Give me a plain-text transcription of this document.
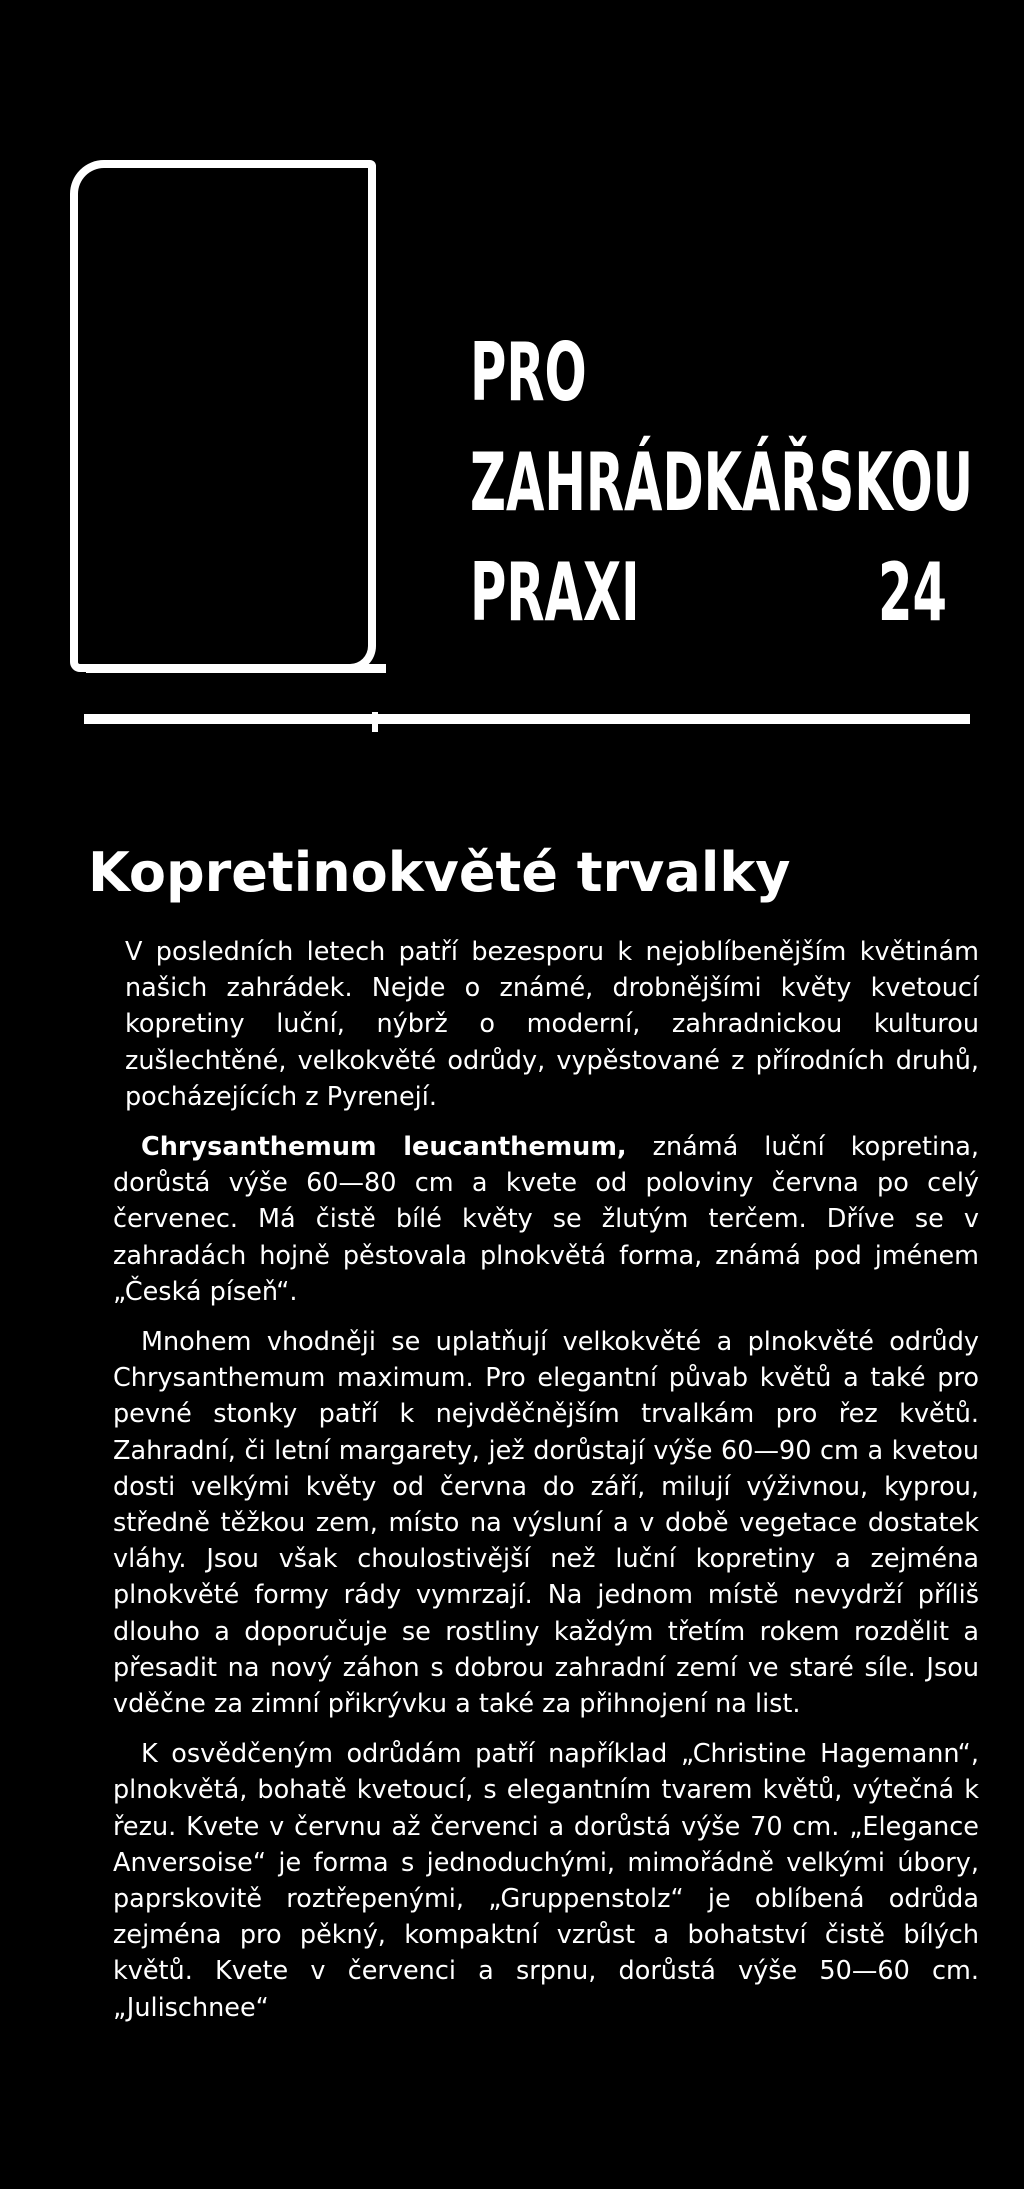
PRO
ZAHRÁDKÁŘSKOU
PRAXI	24
Kopretinokvěté trvalky

V posledních letech patří bezesporu k nejoblíbenějším květinám našich zahrádek. Nejde o známé, drobnějšími květy kvetoucí kopretiny luční, nýbrž o moderní, zahradnickou kulturou zušlechtěné, velkokvěté odrůdy, vypěstované z přírodních druhů, pocházejících z Pyrenejí.

Chrysanthemum leucanthemum, známá luční kopretina, dorůstá výše 60—80 cm a kvete od poloviny června po celý červenec. Má čistě bílé květy se žlutým terčem. Dříve se v zahradách hojně pěstovala plnokvětá forma, známá pod jménem „Česká píseň“.

Mnohem vhodněji se uplatňují velkokvěté a plnokvěté odrůdy Chrysanthemum maximum. Pro elegantní půvab květů a také pro pevné stonky patří k nejvděčnějším trvalkám pro řez květů. Zahradní, či letní margarety, jež dorůstají výše 60—90 cm a kvetou dosti velkými květy od června do září, milují výživnou, kyprou, středně těžkou zem, místo na výsluní a v době vegetace dostatek vláhy. Jsou však choulostivější než luční kopretiny a zejména plnokvěté formy rády vymrzají. Na jednom místě nevydrží příliš dlouho a doporučuje se rostliny každým třetím rokem rozdělit a přesadit na nový záhon s dobrou zahradní zemí ve staré síle. Jsou vděčne za zimní přikrývku a také za přihnojení na list.

K osvědčeným odrůdám patří například „Christine Hagemann“, plnokvětá, bohatě kvetoucí, s elegantním tvarem květů, výtečná k řezu. Kvete v červnu až červenci a dorůstá výše 70 cm. „Elegance Anversoise“ je forma s jednoduchými, mimořádně velkými úbory, paprskovitě roztřepenými, „Gruppenstolz“ je oblíbená odrůda zejména pro pěkný, kompaktní vzrůst a bohatství čistě bílých květů. Kvete v červenci a srpnu, dorůstá výše 50—60 cm. „Julischnee“
